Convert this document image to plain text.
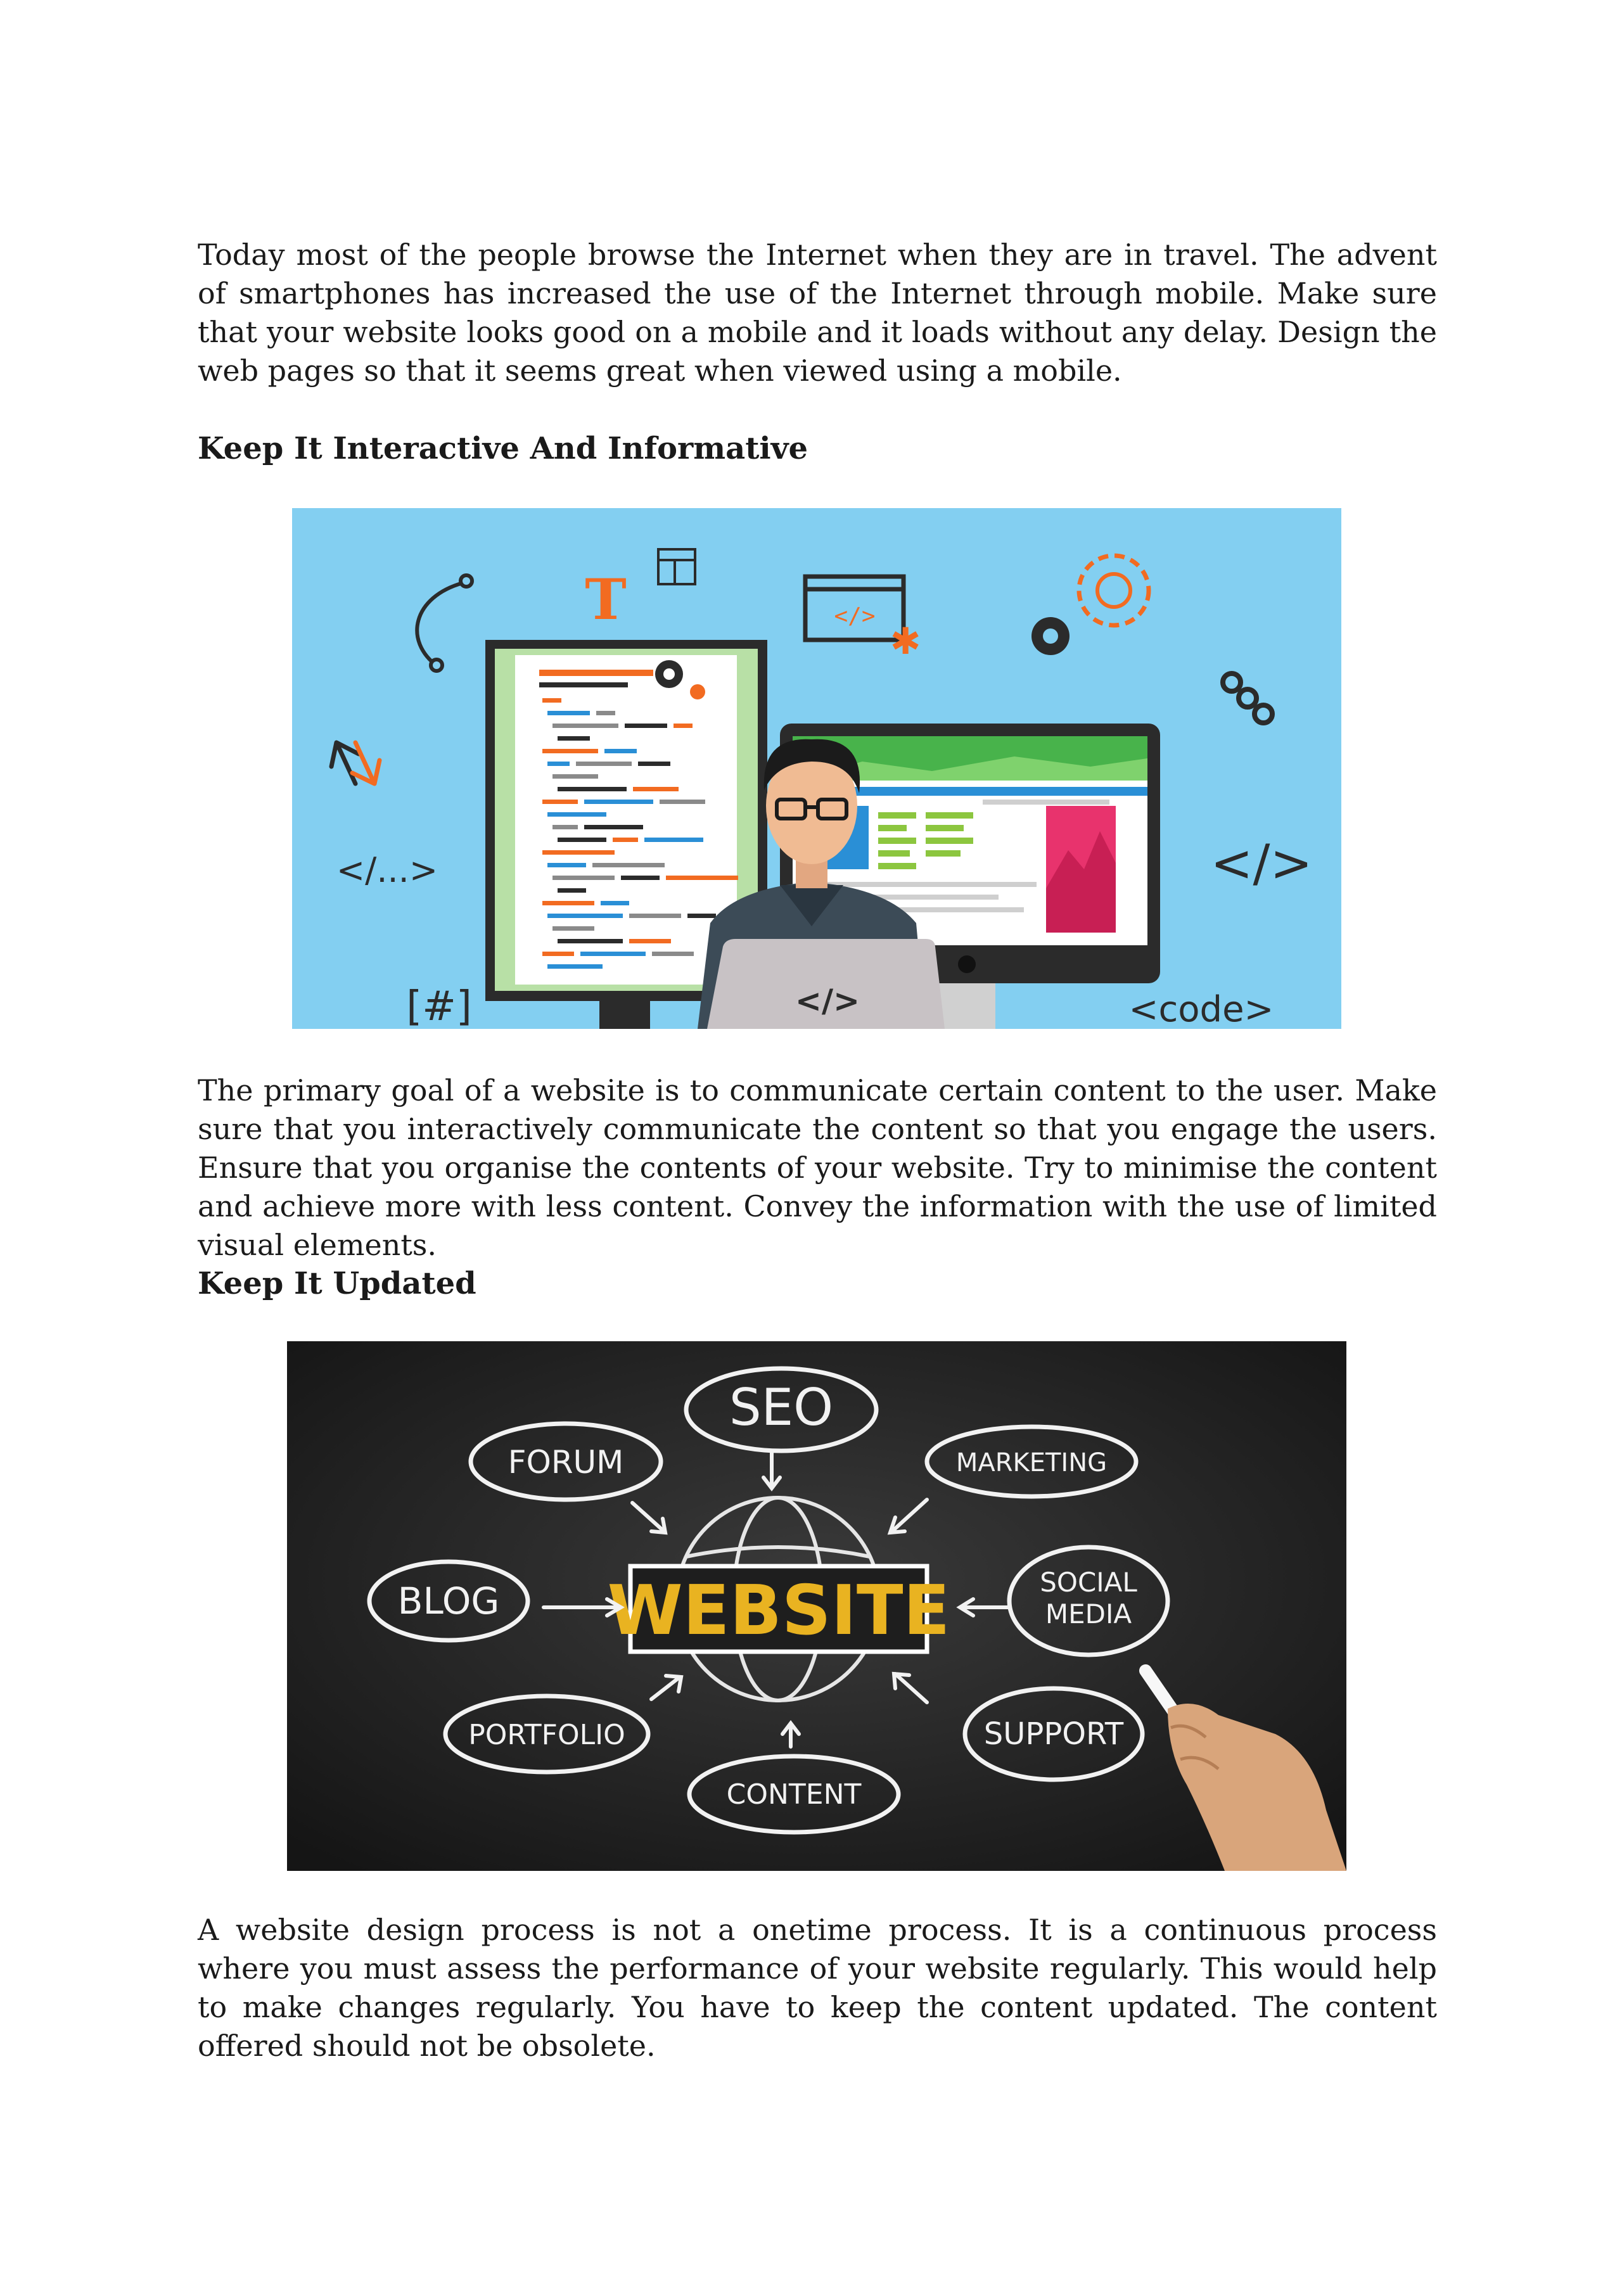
Today most of the people browse the Internet when they are in travel. The advent of smartphones has increased the use of the Internet through mobile. Make sure that your website looks good on a mobile and it loads without any delay. Design the web pages so that it seems great when viewed using a mobile.

Keep It Interactive And Informative
T	</>
✱
</...>	</>
[#]	<code>
</>

The primary goal of a website is to communicate certain content to the user. Make sure that you interactively communicate the content so that you engage the users. Ensure that you organise the contents of your website. Try to minimise the content and achieve more with less content. Convey the information with the use of limited visual elements.

Keep It Updated
WEBSITE
SEO
FORUM	MARKETING
BLOG	SOCIAL
MEDIA
PORTFOLIO
CONTENT
SUPPORT

A website design process is not a onetime process. It is a continuous process where you must assess the performance of your website regularly. This would help to make changes regularly. You have to keep the content updated. The content offered should not be obsolete.
